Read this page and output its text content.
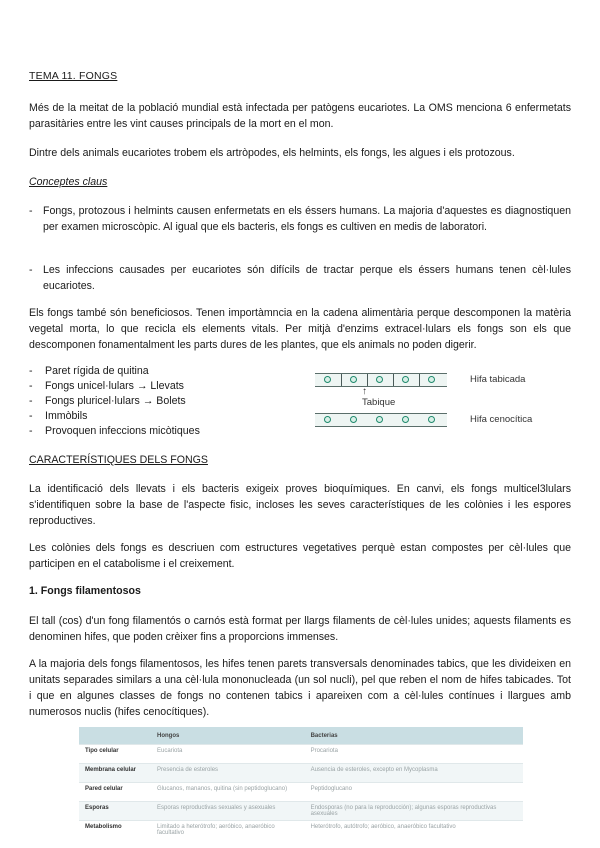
TEMA 11. FONGS

Més de la meitat de la població mundial està infectada per patògens eucariotes. La OMS menciona 6 enfermetats parasitàries entre les vint causes principals de la mort en el mon.

Dintre dels animals eucariotes trobem els artròpodes, els helmints, els fongs, les algues i els protozous.

Conceptes claus
- Fongs, protozous i helmints causen enfermetats en els éssers humans. La majoria d'aquestes es diagnostiquen per examen microscòpic. Al igual que els bacteris, els fongs es cultiven en medis de laboratori.
- Les infeccions causades per eucariotes són difícils de tractar perque els éssers humans tenen cèl·lules eucariotes.

Els fongs també són beneficiosos. Tenen importàmncia en la cadena alimentària perque descomponen la matèria vegetal morta, lo que recicla els elements vitals. Per mitjà d'enzims extracel·lulars els fongs son els que descomponen fonamentalment les parts dures de les plantes, que els animals no poden digerir.

- Paret rígida de quitina
- Fongs unicel·lulars → Llevats
- Fongs pluricel·lulars → Bolets
- Immòbils
- Provoquen infeccions micòtiques
Hifa tabicada
↑
Tabique
Hifa cenocítica
CARACTERÍSTIQUES DELS FONGS

La identificació dels llevats i els bacteris exigeix proves bioquímiques. En canvi, els fongs multicel3lulars s'identifiquen sobre la base de l'aspecte fisic, incloses les seves característiques de les colònies i les espores reproductives.

Les colònies dels fongs es descriuen com estructures vegetatives perquè estan compostes per cèl·lules que participen en el catabolisme i el creixement.

1. Fongs filamentosos

El tall (cos) d'un fong filamentós o carnós està format per llargs filaments de cèl·lules unides; aquests filaments es denominen hifes, que poden crèixer fins a proporcions immenses.

A la majoria dels fongs filamentosos, les hifes tenen parets transversals denominades tabics, que les divideixen en unitats separades similars a una cèl·lula mononucleada (un sol nucli), pel que reben el nom de hifes tabicades. Tot i que en algunes classes de fongs no contenen tabics i apareixen com a cèl·lules contínues i llargues amb numerosos nuclis (hifes cenocítiques).

	Hongos	Bacterias
Tipo celular	Eucariota	Procariota
Membrana celular	Presencia de esteroles	Ausencia de esteroles, excepto en Mycoplasma
Pared celular	Glucanos, mananos, quitina (sin peptidoglucano)	Peptidoglucano
Esporas	Esporas reproductivas sexuales y asexuales	Endosporas (no para la reproducción); algunas esporas reproductivas asexuales
Metabolismo	Limitado a heterótrofo; aeróbico, anaeróbico facultativo	Heterótrofo, autótrofo; aeróbico, anaeróbico facultativo
